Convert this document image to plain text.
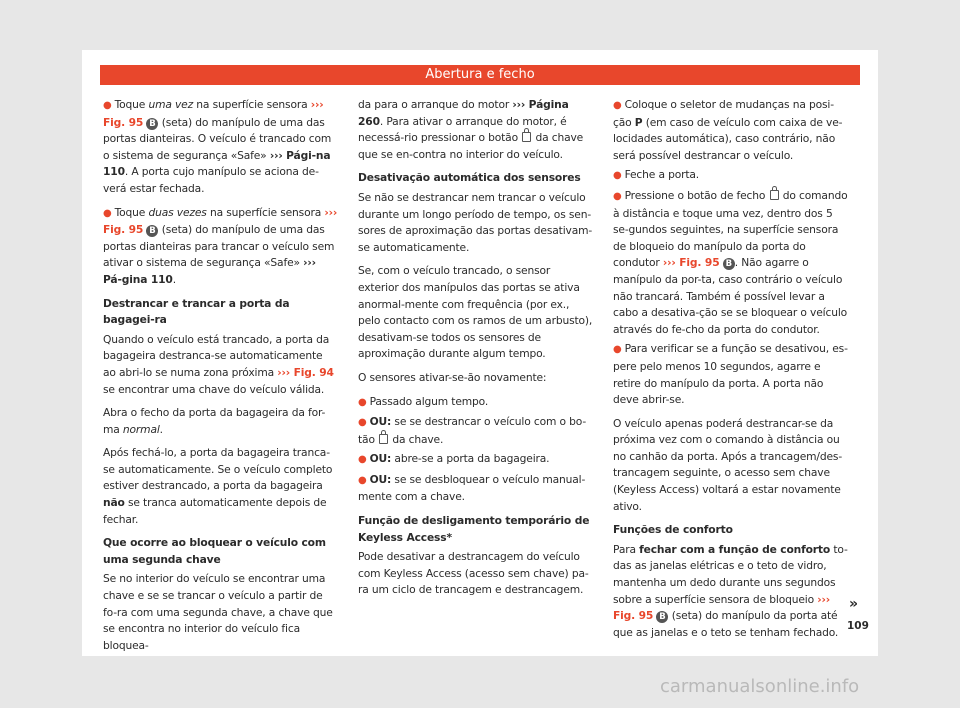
Abertura e fecho
● Toque uma vez na superfície sensora ››› Fig. 95 B (seta) do manípulo de uma das portas dianteiras. O veículo é trancado com o sistema de segurança «Safe» ››› Pági-na 110. A porta cujo manípulo se aciona de-verá estar fechada.
● Toque duas vezes na superfície sensora ››› Fig. 95 B (seta) do manípulo de uma das portas dianteiras para trancar o veículo sem ativar o sistema de segurança «Safe» ››› Pá-gina 110.
Destrancar e trancar a porta da bagagei-ra
Quando o veículo está trancado, a porta da bagageira destranca-se automaticamente ao abri-lo se numa zona próxima ››› Fig. 94 se encontrar uma chave do veículo válida.
Abra o fecho da porta da bagageira da for-ma normal.
Após fechá-lo, a porta da bagageira tranca-se automaticamente. Se o veículo completo estiver destrancado, a porta da bagageira não se tranca automaticamente depois de fechar.
Que ocorre ao bloquear o veículo com uma segunda chave
Se no interior do veículo se encontrar uma chave e se se trancar o veículo a partir de fo-ra com uma segunda chave, a chave que se encontra no interior do veículo fica bloquea-
da para o arranque do motor ››› Página 260. Para ativar o arranque do motor, é necessá-rio pressionar o botão  da chave que se en-contra no interior do veículo.
Desativação automática dos sensores
Se não se destrancar nem trancar o veículo durante um longo período de tempo, os sen-sores de aproximação das portas desativam-se automaticamente.
Se, com o veículo trancado, o sensor exterior dos manípulos das portas se ativa anormal-mente com frequência (por ex., pelo contacto com os ramos de um arbusto), desativam-se todos os sensores de aproximação durante algum tempo.
O sensores ativar-se-ão novamente:
● Passado algum tempo.
● OU: se se destrancar o veículo com o bo-tão  da chave.
● OU: abre-se a porta da bagageira.
● OU: se se desbloquear o veículo manual-mente com a chave.
Função de desligamento temporário de Keyless Access*
Pode desativar a destrancagem do veículo com Keyless Access (acesso sem chave) pa-ra um ciclo de trancagem e destrancagem.
● Coloque o seletor de mudanças na posi-ção P (em caso de veículo com caixa de ve-locidades automática), caso contrário, não será possível destrancar o veículo.
● Feche a porta.
● Pressione o botão de fecho  do comando à distância e toque uma vez, dentro dos 5 se-gundos seguintes, na superfície sensora de bloqueio do manípulo da porta do condutor ››› Fig. 95 B . Não agarre o manípulo da por-ta, caso contrário o veículo não trancará. Também é possível levar a cabo a desativa-ção se se bloquear o veículo através do fe-cho da porta do condutor.
● Para verificar se a função se desativou, es-pere pelo menos 10 segundos, agarre e retire do manípulo da porta. A porta não deve abrir-se.
O veículo apenas poderá destrancar-se da próxima vez com o comando à distância ou no canhão da porta. Após a trancagem/des-trancagem seguinte, o acesso sem chave (Keyless Access) voltará a estar novamente ativo.
Funções de conforto
Para fechar com a função de conforto to-das as janelas elétricas e o teto de vidro, mantenha um dedo durante uns segundos sobre a superfície sensora de bloqueio ››› Fig. 95 B (seta) do manípulo da porta até que as janelas e o teto se tenham fechado.
»
109
carmanualsonline.info
